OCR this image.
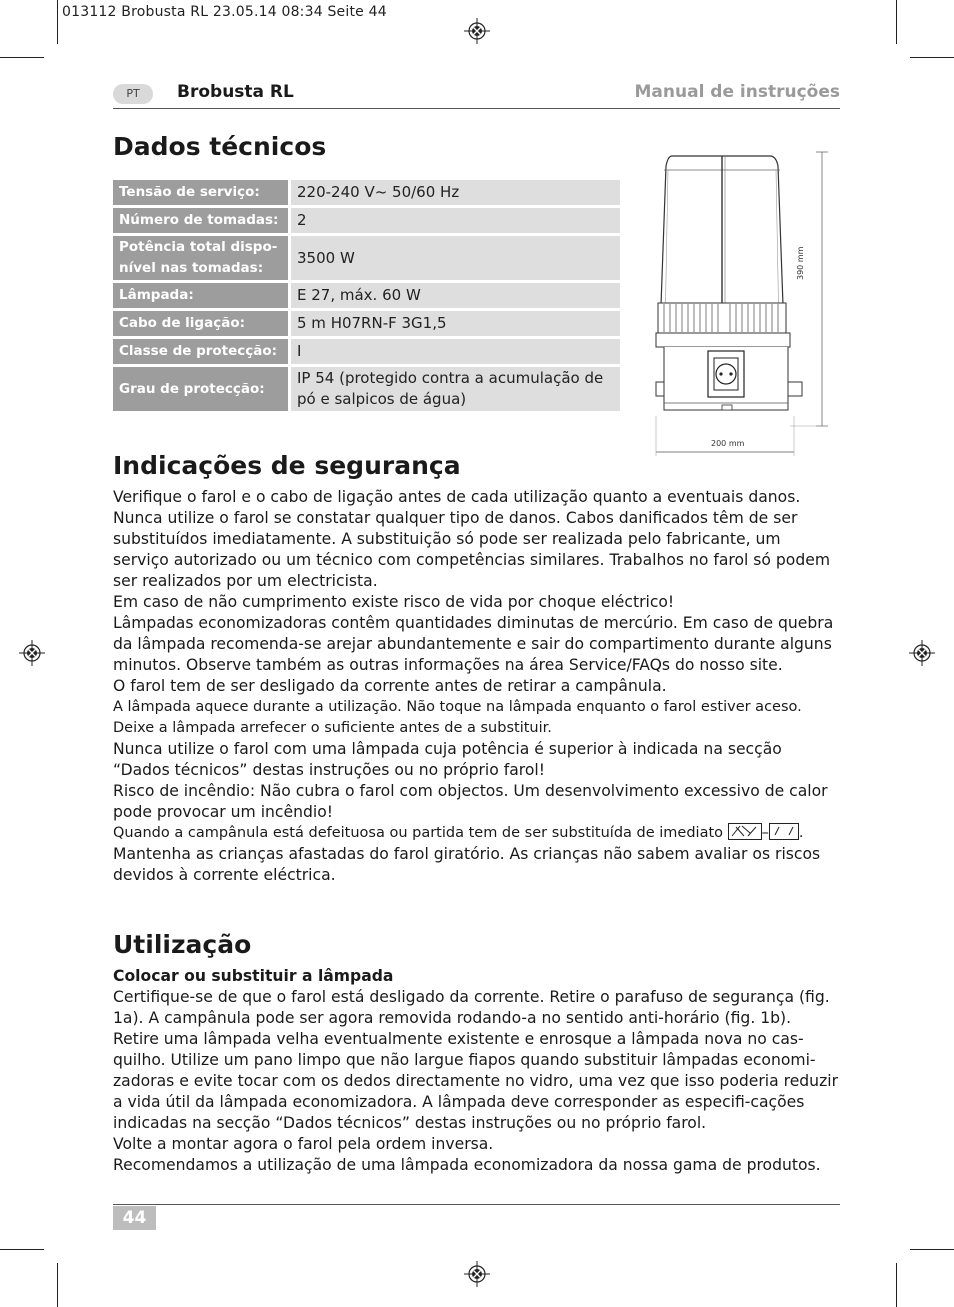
013112 Brobusta RL 23.05.14 08:34 Seite 44
PT	Brobusta RL	Manual de instruções
Dados técnicos
Tensão de serviço:	220-240 V~ 50/60 Hz
Número de tomadas:	2
Potência total dispo-nível nas tomadas:	3500 W
Lâmpada:	E 27, máx. 60 W
Cabo de ligação:	5 m H07RN-F 3G1,5
Classe de protecção:	I
Grau de protecção:	IP 54 (protegido contra a acumulação de pó e salpicos de água)
390 mm
200 mm
Indicações de segurança

Verifique o farol e o cabo de ligação antes de cada utilização quanto a eventuais danos. Nunca utilize o farol se constatar qualquer tipo de danos. Cabos danificados têm de ser substituídos imediatamente. A substituição só pode ser realizada pelo fabricante, um serviço autorizado ou um técnico com competências similares. Trabalhos no farol só podem ser realizados por um electricista.

Em caso de não cumprimento existe risco de vida por choque eléctrico!

Lâmpadas economizadoras contêm quantidades diminutas de mercúrio. Em caso de quebra da lâmpada recomenda-se arejar abundantemente e sair do compartimento durante alguns minutos. Observe também as outras informações na área Service/FAQs do nosso site.

O farol tem de ser desligado da corrente antes de retirar a campânula.

A lâmpada aquece durante a utilização. Não toque na lâmpada enquanto o farol estiver aceso. Deixe a lâmpada arrefecer o suficiente antes de a substituir.

Nunca utilize o farol com uma lâmpada cuja potência é superior à indicada na secção “Dados técnicos” destas instruções ou no próprio farol!

Risco de incêndio: Não cubra o farol com objectos. Um desenvolvimento excessivo de calor pode provocar um incêndio!

Quando a campânula está defeituosa ou partida tem de ser substituída de imediato	– .

Mantenha as crianças afastadas do farol giratório. As crianças não sabem avaliar os riscos devidos à corrente eléctrica.

Utilização

Colocar ou substituir a lâmpada

Certifique-se de que o farol está desligado da corrente. Retire o parafuso de segurança (fig. 1a). A campânula pode ser agora removida rodando-a no sentido anti-horário (fig. 1b). Retire uma lâmpada velha eventualmente existente e enrosque a lâmpada nova no cas-quilho. Utilize um pano limpo que não largue fiapos quando substituir lâmpadas economi-zadoras e evite tocar com os dedos directamente no vidro, uma vez que isso poderia reduzir a vida útil da lâmpada economizadora. A lâmpada deve corresponder as especifi-cações indicadas na secção “Dados técnicos” destas instruções ou no próprio farol.

Volte a montar agora o farol pela ordem inversa.

Recomendamos a utilização de uma lâmpada economizadora da nossa gama de produtos.

44
